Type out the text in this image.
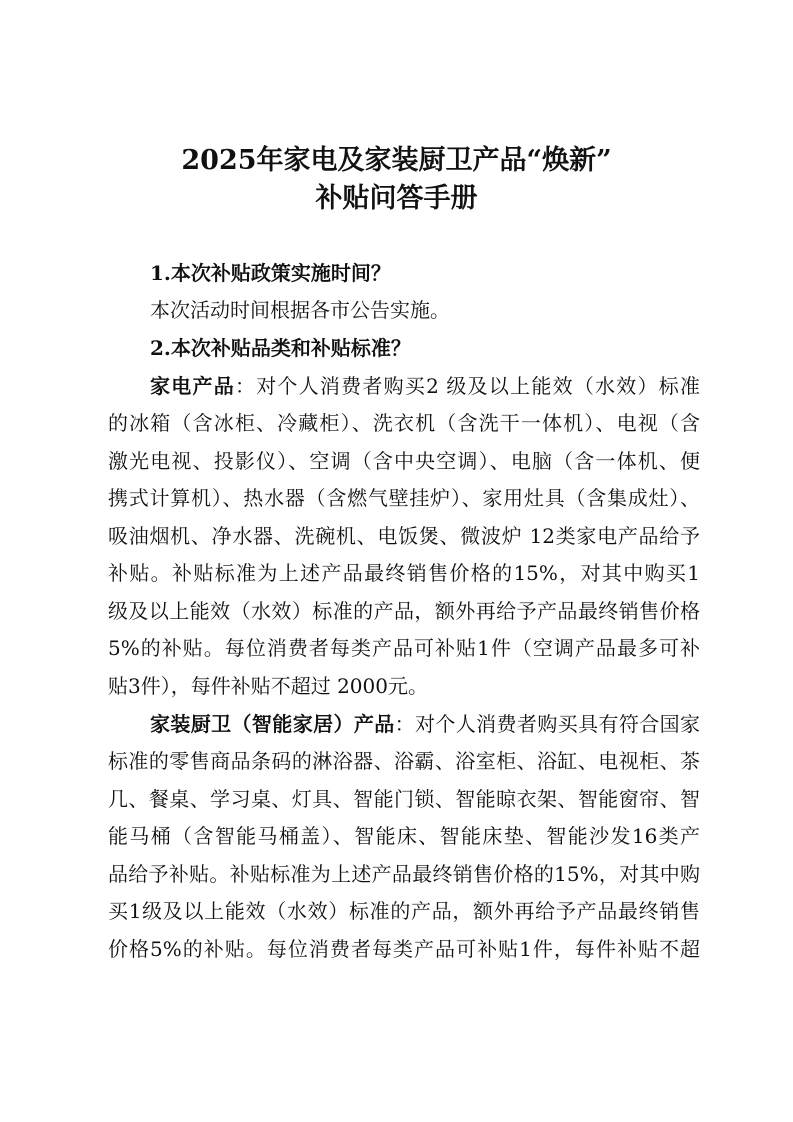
2025年家电及家装厨卫产品“焕新”
补贴问答手册
1.本次补贴政策实施时间？
本次活动时间根据各市公告实施。
2.本次补贴品类和补贴标准？
家电产品：对个人消费者购买2 级及以上能效（水效）标准
的冰箱（含冰柜、冷藏柜）、洗衣机（含洗干一体机）、电视（含
激光电视、投影仪）、空调（含中央空调）、电脑（含一体机、便
携式计算机）、热水器（含燃气壁挂炉）、家用灶具（含集成灶）、
吸油烟机、净水器、洗碗机、电饭煲、微波炉 12类家电产品给予
补贴。补贴标准为上述产品最终销售价格的15%，对其中购买1
级及以上能效（水效）标准的产品，额外再给予产品最终销售价格
5%的补贴。每位消费者每类产品可补贴1件（空调产品最多可补
贴3件），每件补贴不超过 2000元。
家装厨卫（智能家居）产品：对个人消费者购买具有符合国家
标准的零售商品条码的淋浴器、浴霸、浴室柜、浴缸、电视柜、茶
几、餐桌、学习桌、灯具、智能门锁、智能晾衣架、智能窗帘、智
能马桶（含智能马桶盖）、智能床、智能床垫、智能沙发16类产
品给予补贴。补贴标准为上述产品最终销售价格的15%，对其中购
买1级及以上能效（水效）标准的产品，额外再给予产品最终销售
价格5%的补贴。每位消费者每类产品可补贴1件，每件补贴不超
